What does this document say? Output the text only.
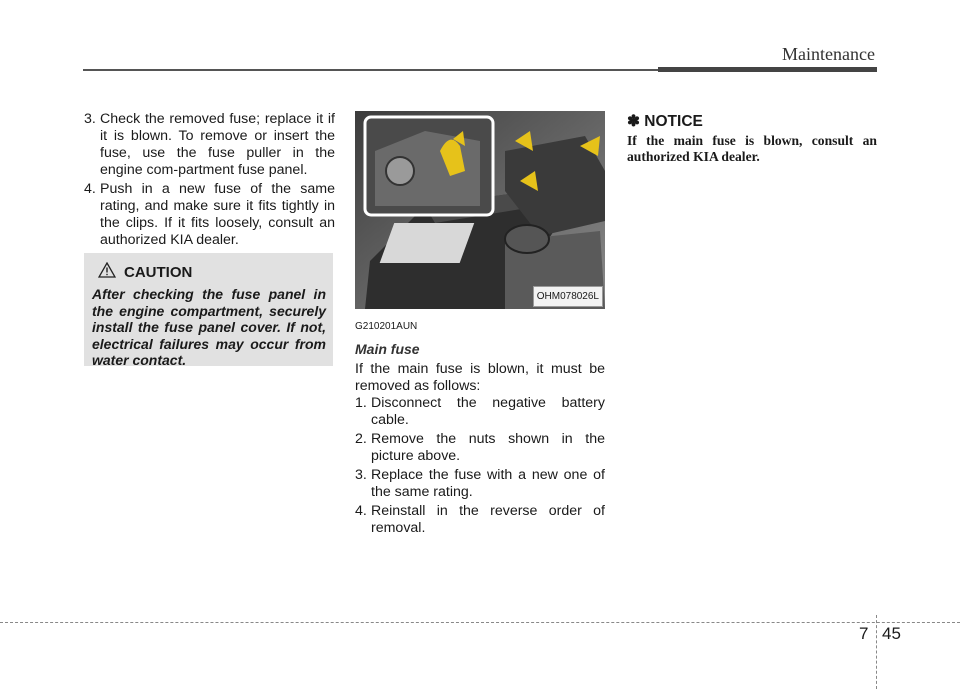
Maintenance
3. Check the removed fuse; replace it if it is blown. To remove or insert the fuse, use the fuse puller in the engine com-partment fuse panel.
4. Push in a new fuse of the same rating, and make sure it fits tightly in the clips. If it fits loosely, consult an authorized KIA dealer.
CAUTION
After checking the fuse panel in the engine compartment, securely install the fuse panel cover. If not, electrical failures may occur from water contact.
OHM078026L
G210201AUN
Main fuse
If the main fuse is blown, it must be removed as follows:
1. Disconnect the negative battery cable.
2. Remove the nuts shown in the picture above.
3. Replace the fuse with a new one of the same rating.
4. Reinstall in the reverse order of removal.
✽ NOTICE
If the main fuse is blown, consult an authorized KIA dealer.
7 45
